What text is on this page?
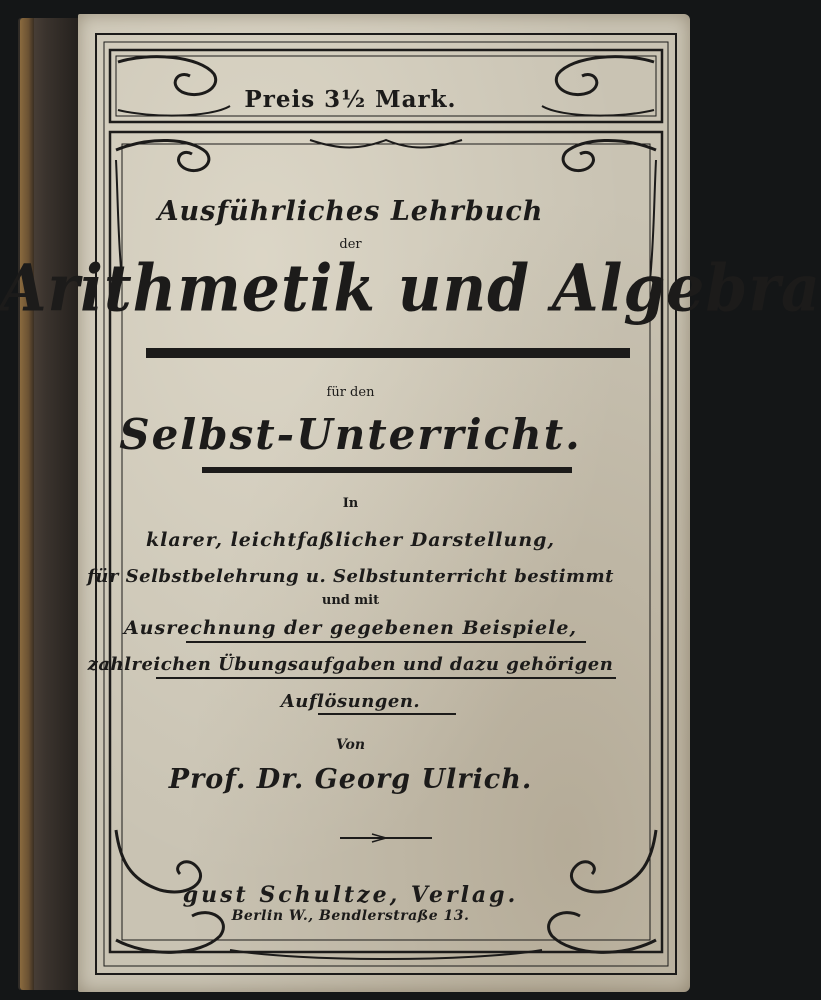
Preis 3½ Mark.
Ausführliches Lehrbuch
der
Arithmetik und Algebra
für den
Selbst-Unterricht.
In
klarer, leichtfaßlicher Darstellung,
für Selbstbelehrung u. Selbstunterricht bestimmt
und mit
Ausrechnung der gegebenen Beispiele,
zahlreichen Übungsaufgaben und dazu gehörigen
Auflösungen.
Von
Prof. Dr. Georg Ulrich.
gust Schultze, Verlag.
Berlin W., Bendlerstraße 13.
